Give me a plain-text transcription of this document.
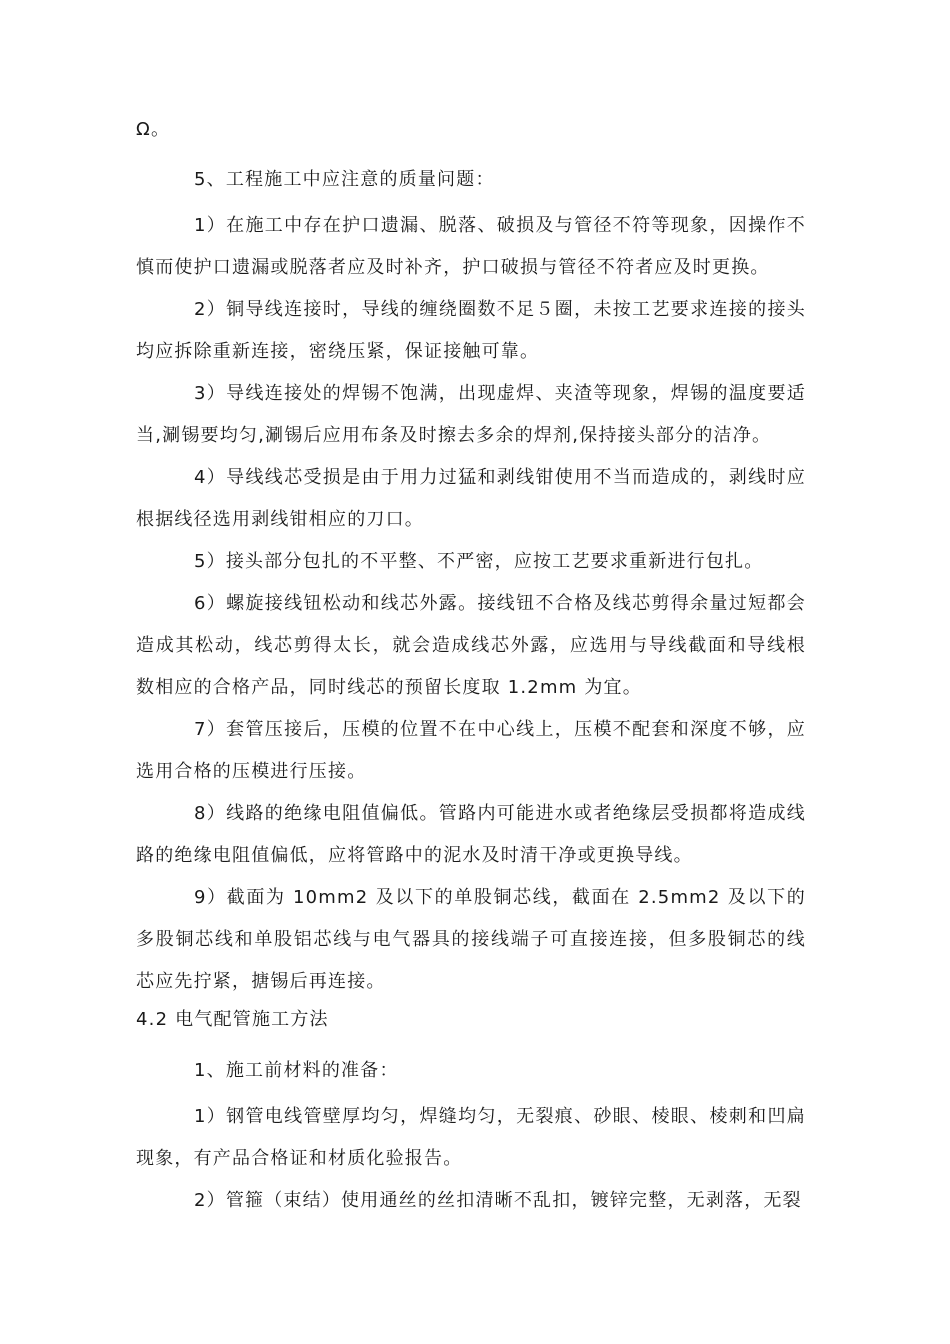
Ω。
5、工程施工中应注意的质量问题：
1）在施工中存在护口遗漏、脱落、破损及与管径不符等现象，因操作不慎而使护口遗漏或脱落者应及时补齐，护口破损与管径不符者应及时更换。
2）铜导线连接时，导线的缠绕圈数不足５圈，未按工艺要求连接的接头均应拆除重新连接，密绕压紧，保证接触可靠。
3）导线连接处的焊锡不饱满，出现虚焊、夹渣等现象，焊锡的温度要适当,涮锡要均匀,涮锡后应用布条及时擦去多余的焊剂,保持接头部分的洁净。
4）导线线芯受损是由于用力过猛和剥线钳使用不当而造成的，剥线时应根据线径选用剥线钳相应的刀口。
5）接头部分包扎的不平整、不严密，应按工艺要求重新进行包扎。
6）螺旋接线钮松动和线芯外露。接线钮不合格及线芯剪得余量过短都会造成其松动，线芯剪得太长，就会造成线芯外露，应选用与导线截面和导线根数相应的合格产品，同时线芯的预留长度取 1.2mm 为宜。
7）套管压接后，压模的位置不在中心线上，压模不配套和深度不够，应选用合格的压模进行压接。
8）线路的绝缘电阻值偏低。管路内可能进水或者绝缘层受损都将造成线路的绝缘电阻值偏低，应将管路中的泥水及时清干净或更换导线。
9）截面为 10mm2 及以下的单股铜芯线，截面在 2.5mm2 及以下的多股铜芯线和单股铝芯线与电气器具的接线端子可直接连接，但多股铜芯的线芯应先拧紧，搪锡后再连接。
4.2 电气配管施工方法
1、施工前材料的准备：
1）钢管电线管壁厚均匀，焊缝均匀，无裂痕、砂眼、棱眼、棱刺和凹扁现象，有产品合格证和材质化验报告。
2）管箍（束结）使用通丝的丝扣清晰不乱扣，镀锌完整，无剥落，无裂
